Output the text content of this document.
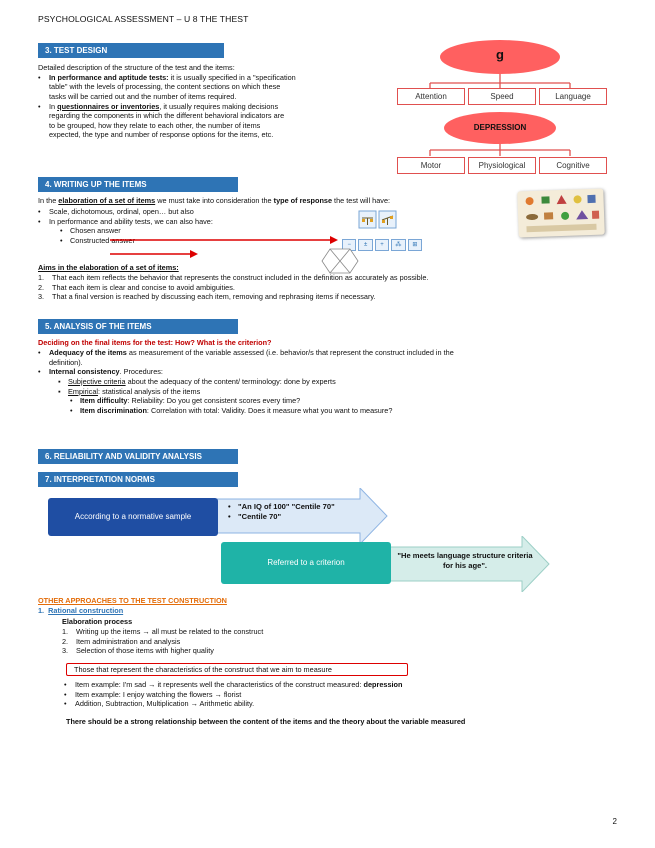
PSYCHOLOGICAL ASSESSMENT – U 8 THE THEST
3. TEST DESIGN
Detailed description of the structure of the test and the items:
• In performance and aptitude tests: it is usually specified in a "specification
table" with the levels of processing, the content sections on which these
tasks will be carried out and the number of items required.
• In questionnaires or inventories, it usually requires making decisions
regarding the components in which the different behavioral indicators are
to be grouped, how they relate to each other, the number of items
expected, the type and number of response options for the items, etc.
g
Attention	Speed	Language
DEPRESSION
Motor	Physiological	Cognitive
4. WRITING UP THE ITEMS
In the elaboration of a set of items we must take into consideration the type of response the test will have:
• Scale, dichotomous, ordinal, open… but also
• In performance and ability tests, we can also have:
• Chosen answer
• Constructed answer
−	±	+	⁂	⊞
Aims in the elaboration of a set of items:
1. That each item reflects the behavior that represents the construct included in the definition as accurately as possible.
2. That each item is clear and concise to avoid ambiguities.
3. That a final version is reached by discussing each item, removing and rephrasing items if necessary.
5. ANALYSIS OF THE ITEMS
Deciding on the final items for the test: How? What is the criterion?
• Adequacy of the items as measurement of the variable assessed (i.e. behavior/s that represent the construct included in the
definition).
• Internal consistency. Procedures:
▪ Subjective criteria about the adequacy of the content/ terminology: done by experts
▪ Empirical: statistical analysis of the items
• Item difficulty: Reliability: Do you get consistent scores every time?
• Item discrimination: Correlation with total: Validity. Does it measure what you want to measure?
6. RELIABILITY AND VALIDITY ANALYSIS
7. INTERPRETATION NORMS
According to a normative sample
• "An IQ of 100" "Centile 70"
• "Centile 70"
Referred to a criterion
"He meets language structure criteria for his age".
OTHER APPROACHES TO THE TEST CONSTRUCTION
1. Rational construction
Elaboration process
1. Writing up the items → all must be related to the construct
2. Item administration and analysis
3. Selection of those items with higher quality
Those that represent the characteristics of the construct that we aim to measure
• Item example: I'm sad → it represents well the characteristics of the construct measured: depression
• Item example: I enjoy watching the flowers → florist
• Addition, Subtraction, Multiplication → Arithmetic ability.
There should be a strong relationship between the content of the items and the theory about the variable measured
2
